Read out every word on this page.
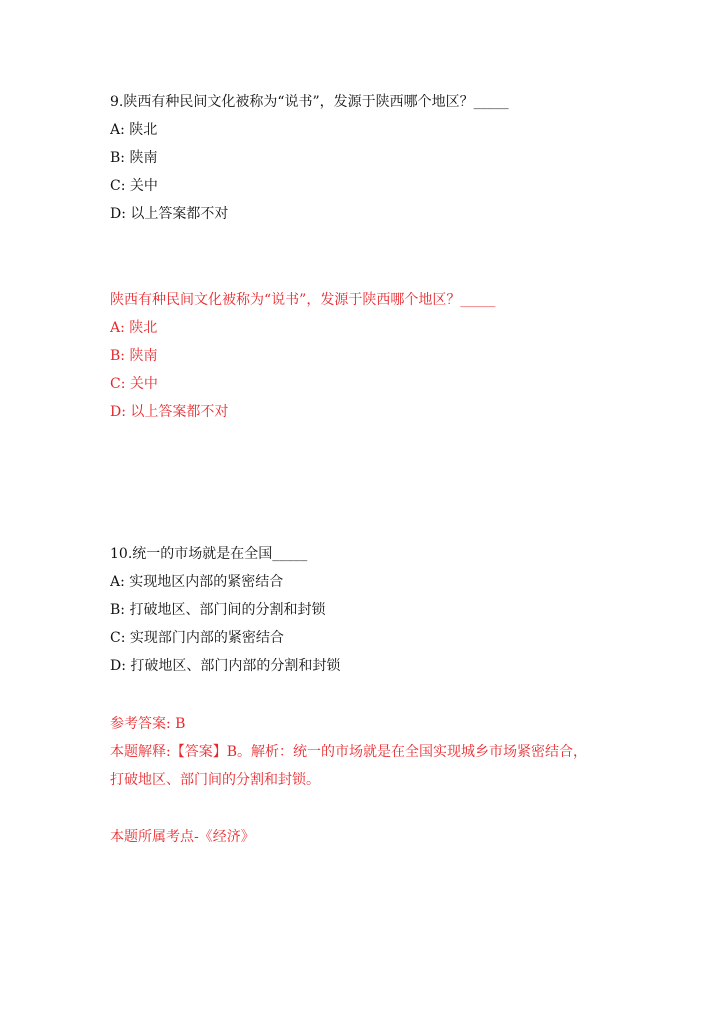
9.陕西有种民间文化被称为“说书”，发源于陕西哪个地区？_____
A: 陕北
B: 陕南
C: 关中
D: 以上答案都不对
陕西有种民间文化被称为“说书”，发源于陕西哪个地区？_____
A: 陕北
B: 陕南
C: 关中
D: 以上答案都不对
10.统一的市场就是在全国_____
A: 实现地区内部的紧密结合
B: 打破地区、部门间的分割和封锁
C: 实现部门内部的紧密结合
D: 打破地区、部门内部的分割和封锁
参考答案: B
本题解释:【答案】B。解析：统一的市场就是在全国实现城乡市场紧密结合，
打破地区、部门间的分割和封锁。
本题所属考点-《经济》
